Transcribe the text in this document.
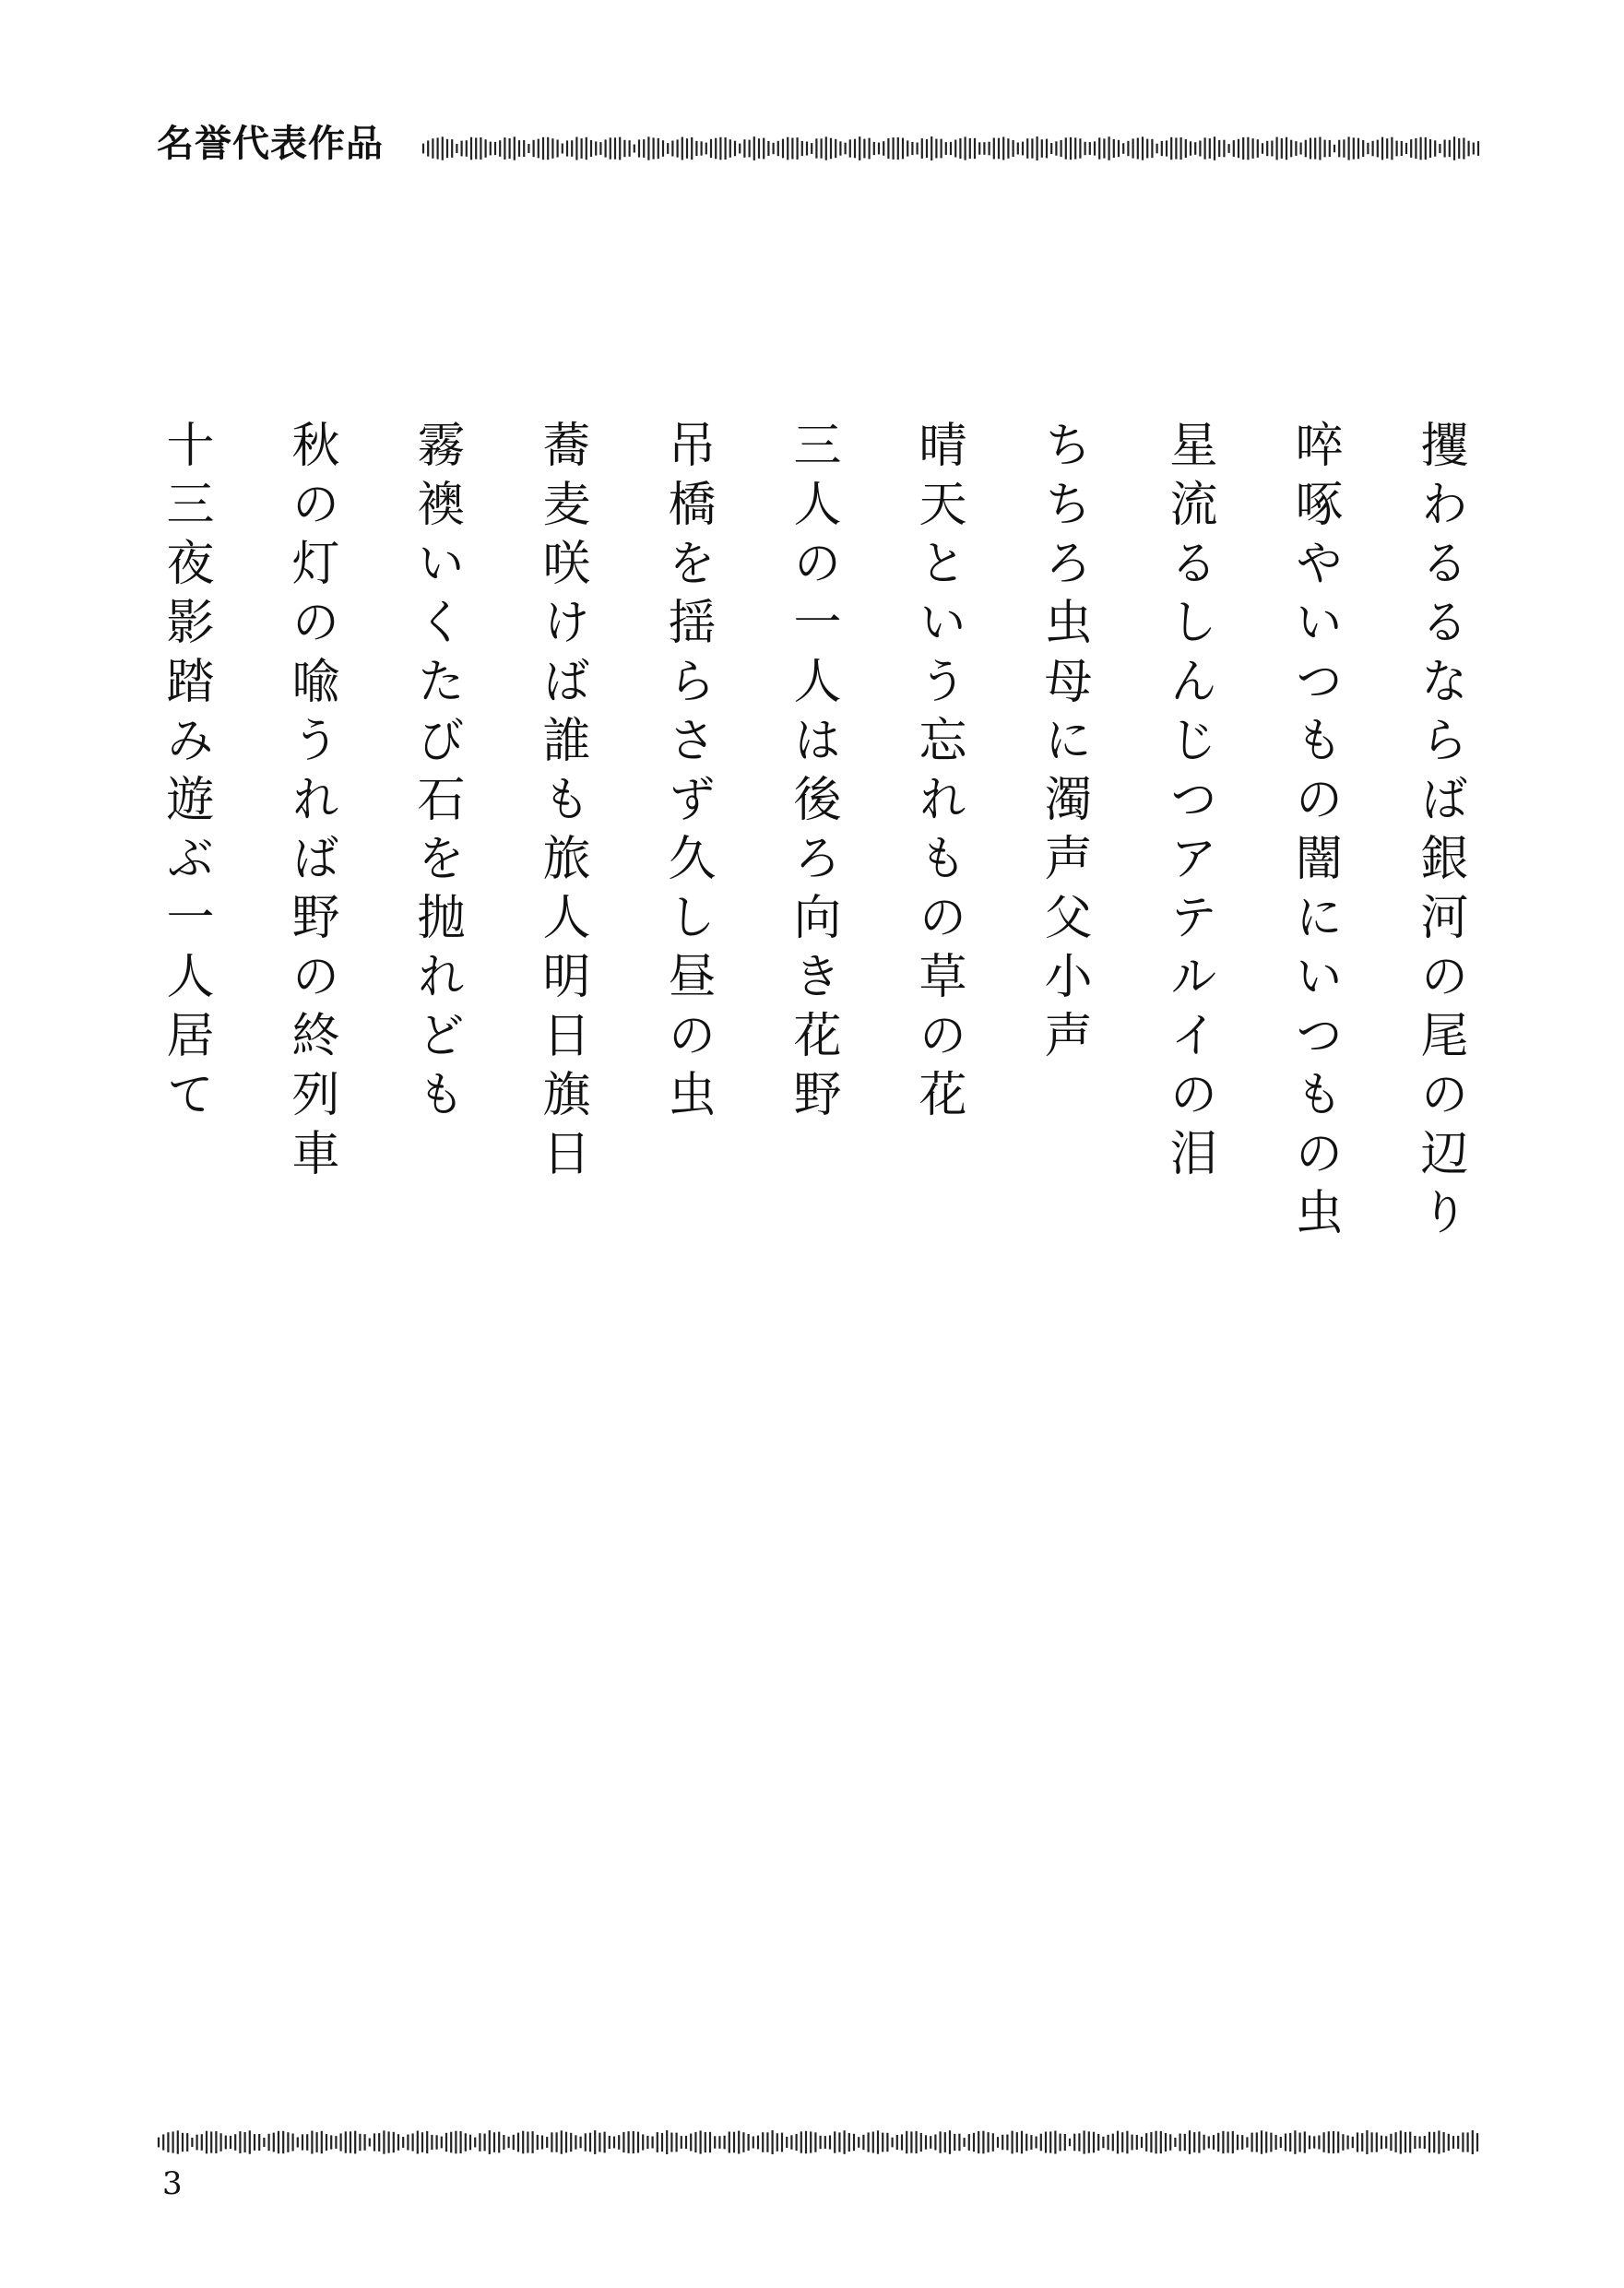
名誉代表作品
攫わるるならば銀河の尾の辺り
啐啄やいつもの闇にいつもの虫
星流るしんじつアテルイの泪
ちちろ虫母に濁声父小声
晴天という忘れもの草の花
三人の一人は後ろ向き花野
吊橋を揺らさず久し昼の虫
蕎麦咲けば誰も旅人明日旗日
霧襖いくたび石を抛れども
秋の灯の喩うれば野の終列車
十三夜影踏み遊ぶ一人居て
3
